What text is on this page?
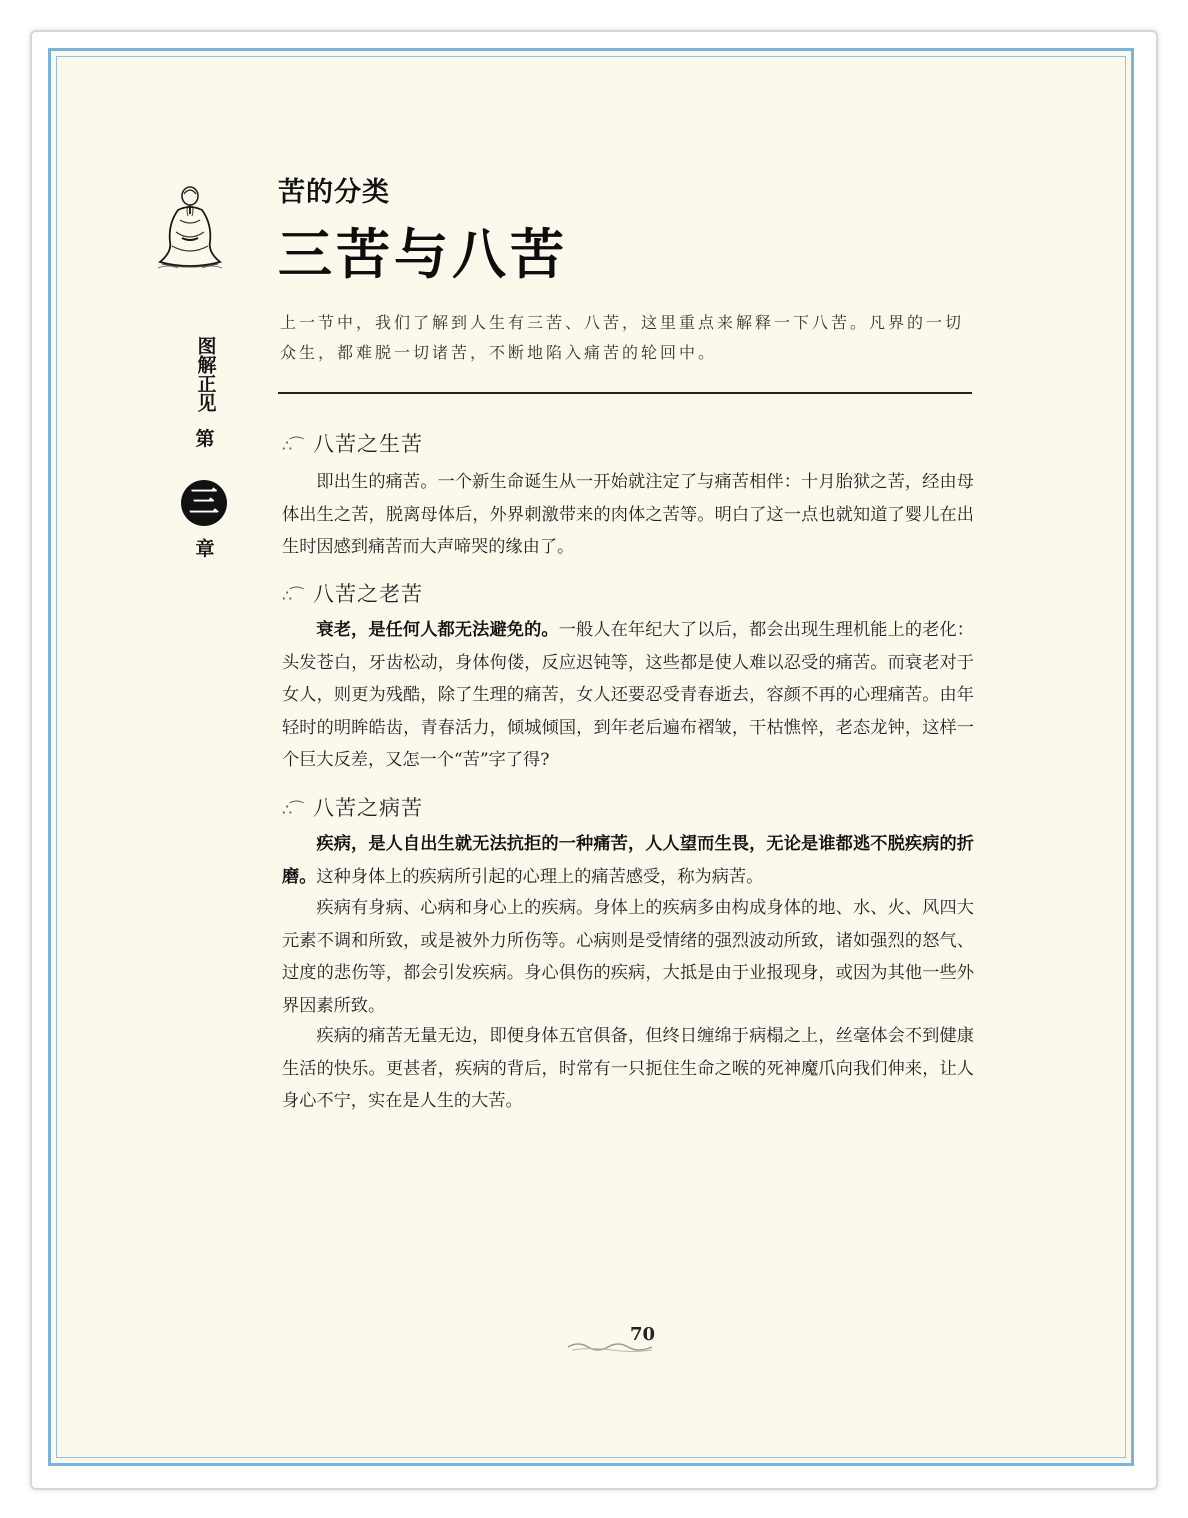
图解正见
第
三
章
苦的分类
三苦与八苦
上一节中，我们了解到人生有三苦、八苦，这里重点来解释一下八苦。凡界的一切众生，都难脱一切诸苦，不断地陷入痛苦的轮回中。
∴⁀ 八苦之生苦
即出生的痛苦。一个新生命诞生从一开始就注定了与痛苦相伴：十月胎狱之苦，经由母体出生之苦，脱离母体后，外界刺激带来的肉体之苦等。明白了这一点也就知道了婴儿在出生时因感到痛苦而大声啼哭的缘由了。
∴⁀ 八苦之老苦
衰老，是任何人都无法避免的。一般人在年纪大了以后，都会出现生理机能上的老化：头发苍白，牙齿松动，身体佝偻，反应迟钝等，这些都是使人难以忍受的痛苦。而衰老对于女人，则更为残酷，除了生理的痛苦，女人还要忍受青春逝去，容颜不再的心理痛苦。由年轻时的明眸皓齿，青春活力，倾城倾国，到年老后遍布褶皱，干枯憔悴，老态龙钟，这样一个巨大反差，又怎一个“苦”字了得?
∴⁀ 八苦之病苦
疾病，是人自出生就无法抗拒的一种痛苦，人人望而生畏，无论是谁都逃不脱疾病的折磨。这种身体上的疾病所引起的心理上的痛苦感受，称为病苦。
疾病有身病、心病和身心上的疾病。身体上的疾病多由构成身体的地、水、火、风四大元素不调和所致，或是被外力所伤等。心病则是受情绪的强烈波动所致，诸如强烈的怒气、过度的悲伤等，都会引发疾病。身心俱伤的疾病，大抵是由于业报现身，或因为其他一些外界因素所致。
疾病的痛苦无量无边，即便身体五官俱备，但终日缠绵于病榻之上，丝毫体会不到健康生活的快乐。更甚者，疾病的背后，时常有一只扼住生命之喉的死神魔爪向我们伸来，让人身心不宁，实在是人生的大苦。
70
